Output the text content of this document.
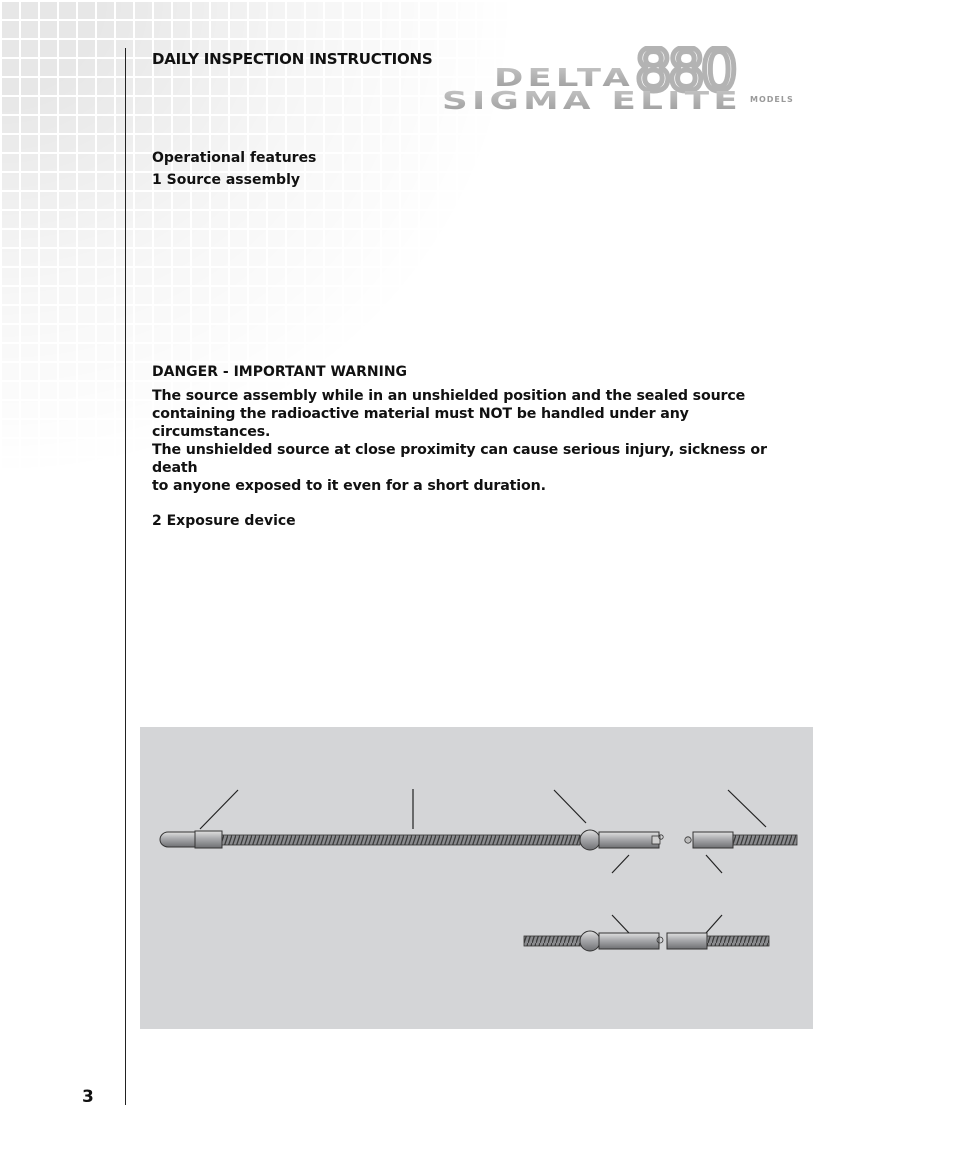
DAILY INSPECTION INSTRUCTIONS	880
DELTA
SIGMA ELITE MODELS
Operational features
1 Source assembly
DANGER - IMPORTANT WARNING
The source assembly while in an unshielded position and the sealed source
containing the radioactive material must NOT be handled under any circumstances.
The unshielded source at close proximity can cause serious injury, sickness or death
to anyone exposed to it even for a short duration.
2 Exposure device
3
